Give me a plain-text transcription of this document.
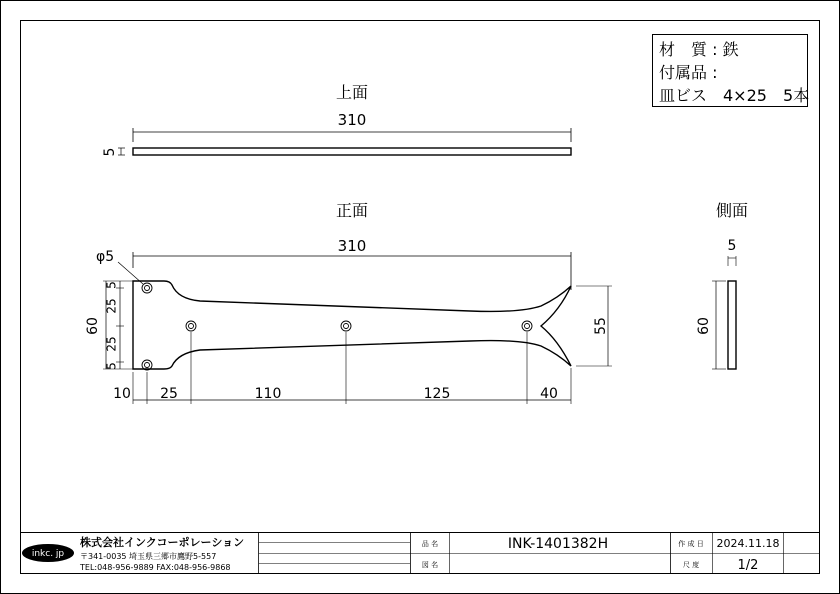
材　質 : 鉄
付属品 :
皿ビス　4×25　5本
上面
310
5
正面
310
φ5
60
5
25
25
5
55
10 25	110	125	40
側面
5
60
inkc. jp
株式会社インクコーポレーション
〒341-0035 埼玉県三郷市鷹野5-557
TEL:048-956-9889 FAX:048-956-9868
品 名	INK-1401382H
図 名
作 成 日 2024.11.18
尺 度	1/2
